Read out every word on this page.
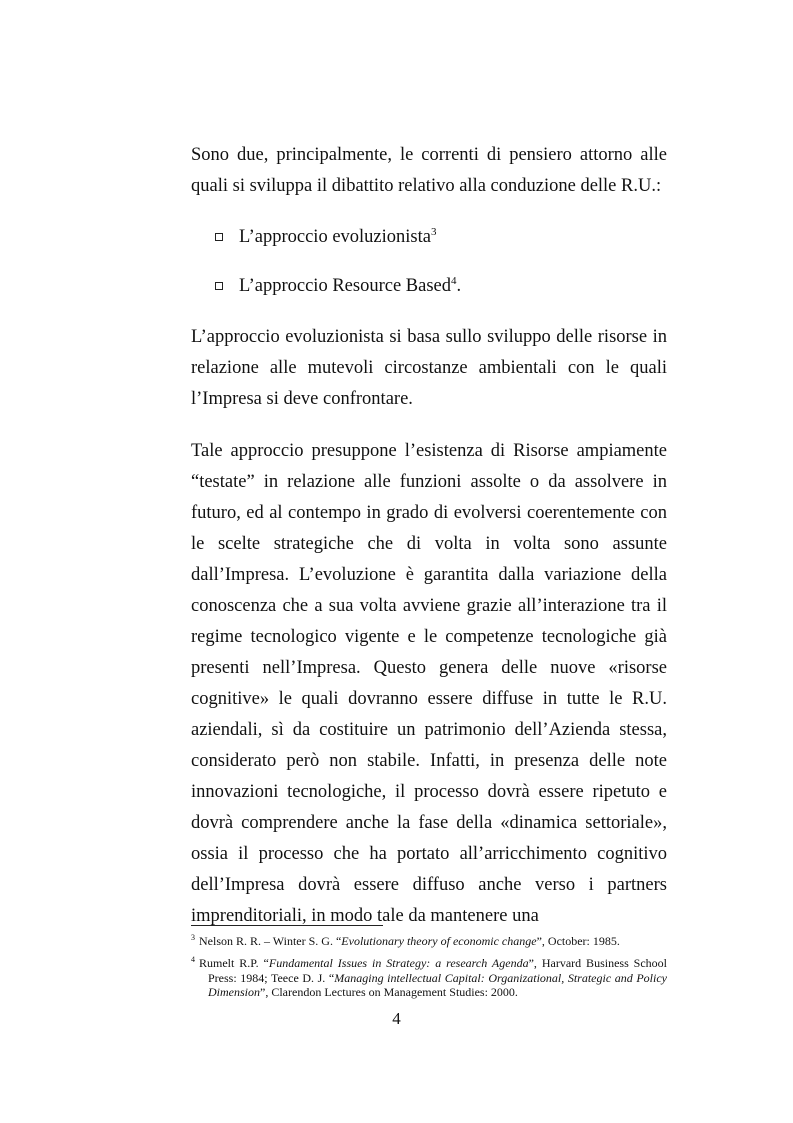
Sono due, principalmente, le correnti di pensiero attorno alle quali si sviluppa il dibattito relativo alla conduzione delle R.U.:

L’approccio evoluzionista$^3$
L’approccio Resource Based$^4$.

L’approccio evoluzionista si basa sullo sviluppo delle risorse in relazione alle mutevoli circostanze ambientali con le quali l’Impresa si deve confrontare.

Tale approccio presuppone l’esistenza di Risorse ampiamente “testate” in relazione alle funzioni assolte o da assolvere in futuro, ed al contempo in grado di evolversi coerentemente con le scelte strategiche che di volta in volta sono assunte dall’Impresa. L’evoluzione è garantita dalla variazione della conoscenza che a sua volta avviene grazie all’interazione tra il regime tecnologico vigente e le competenze tecnologiche già presenti nell’Impresa. Questo genera delle nuove «risorse cognitive» le quali dovranno essere diffuse in tutte le R.U. aziendali, sì da costituire un patrimonio dell’Azienda stessa, considerato però non stabile. Infatti, in presenza delle note innovazioni tecnologiche, il processo dovrà essere ripetuto e dovrà comprendere anche la fase della «dinamica settoriale», ossia il processo che ha portato all’arricchimento cognitivo dell’Impresa dovrà essere diffuso anche verso i partners imprenditoriali, in modo tale da mantenere una

$^3$ Nelson R. R. – Winter S. G. “Evolutionary theory of economic change”, October: 1985.
$^4$ Rumelt R.P. “Fundamental Issues in Strategy: a research Agenda”, Harvard Business School Press: 1984; Teece D. J. “Managing intellectual Capital: Organizational, Strategic and Policy Dimension”, Clarendon Lectures on Management Studies: 2000.
4
